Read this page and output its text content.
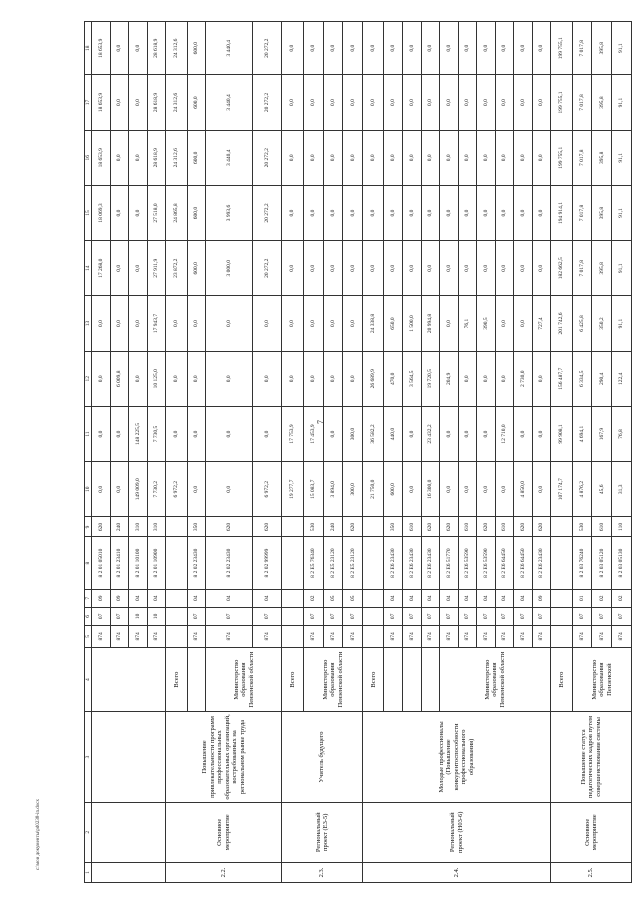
7
c:\мои документы\pd0238-in.docx
1	2	3	4	5	6	7	8	9	10	11	12	13	14	15	16	17	18
				874	07	09	8 2 01 05010	620	0,0	0,0	0,0	0,0	17 268,0	18 069,3	18 653,9	18 653,9	18 653,9
				874	07	09	8 2 01 23410	240	0,0	0,0	6 009,8	0,0	0,0	0,0	0,0	0,0	0,0
				874	10	04	8 2 01 10100	310	149 009,0	148 225,5	0,0	0,0	0,0	0,0	0,0	0,0	0,0
				874	10	04	8 2 01 10900	310	7 730,2	7 730,5	10 125,0	17 943,7	27 911,9	27 518,0	28 618,9	28 618,9	28 618,9
2.2.	Основное мероприятие	Повышение привлекательности программ профессиональных образовательных организаций, востребованных на региональном рынке труда	Всего						6 972,2	0,0	0,0	0,0	23 872,2	24 865,8	24 312,6	24 312,6	24 312,6
				874	07	04	8 2 02 23430	350	0,0	0,0	0,0	0,0	600,0	600,0	600,0	600,0	600,0
			Министерство образования Пензенской области	874	07	04	8 2 02 23430	620	0,0	0,0	0,0	0,0	3 000,0	3 993,6	3 440,4	3 440,4	3 440,4
				874	07	04	8 2 02 99999	620	6 972,2	0,0	0,0	0,0	20 272,2	20 272,2	20 272,2	20 272,2	20 272,2
2.3.	Региональный проект (Е3-5)	Учитель будущего	Всего						19 277,7	17 753,9	0,0	0,0	0,0	0,0	0,0	0,0	0,0
			Министерство образования Пензенской области	874	07	02	8 2 E5 76340	530	15 083,7	17 453,9	0,0	0,0	0,0	0,0	0,0	0,0	0,0
				874	07	05	8 2 E5 23120	240	3 894,0	0,0	0,0	0,0	0,0	0,0	0,0	0,0	0,0
				874	07	05	8 2 E5 23120	620	300,0	300,0	0,0	0,0	0,0	0,0	0,0	0,0	0,0
2.4.	Региональный проект (Н03-6)	Молодые профессионалы (Повышение конкурентоспособности профессионального образования)	Всего						21 750,0	36 582,2	26 689,9	24 338,8	0,0	0,0	0,0	0,0	0,0
				874	07	04	8 2 E6 23430	350	600,0	440,0	470,0	650,0	0,0	0,0	0,0	0,0	0,0
				874	07	04	8 2 E6 23430	610	0,0	0,0	3 564,5	1 500,0	0,0	0,0	0,0	0,0	0,0
				874	07	04	8 2 E6 23430	620	16 300,0	23 432,2	19 720,5	20 994,8	0,0	0,0	0,0	0,0	0,0
			Министерство образования Пензенской области	874	07	04	8 2 E6 51770	620	0,0	0,0	204,9	0,0	0,0	0,0	0,0	0,0	0,0
				874	07	04	8 2 E6 53590	610	0,0	0,0	0,0	76,1	0,0	0,0	0,0	0,0	0,0
				874	07	04	8 2 E6 53590	620	0,0	0,0	0,0	390,5	0,0	0,0	0,0	0,0	0,0
				874	07	04	8 2 E6 64450	610	0,0	12 710,0	0,0	0,0	0,0	0,0	0,0	0,0	0,0
				874	07	04	8 2 E6 64450	620	4 850,0	0,0	2 730,0	0,0	0,0	0,0	0,0	0,0	0,0
				874	07	09	8 2 E6 23430	620	0,0	0,0	0,0	727,4	0,0	0,0	0,0	0,0	0,0
2.5.	Основное мероприятие	Повышение статуса педагогических кадров путем совершенствования системы	Всего						107 174,7	99 908,1	156 487,7	201 742,6	182 662,5	194 914,1	199 755,1	199 755,1	199 755,1
			Министерство образования Пензенской	874	07	01	8 2 03 76240	530	4 876,2	4 694,1	6 334,5	6 425,8	7 017,8	7 017,8	7 017,8	7 017,8	7 017,8
				874	07	02	8 2 03 05120	610	45,6	167,9	290,4	350,2	395,8	395,8	395,8	395,8	395,8
				874	07	02	8 2 03 05130	110	31,3	76,8	122,4	91,1	91,1	91,1	91,1	91,1	91,1
